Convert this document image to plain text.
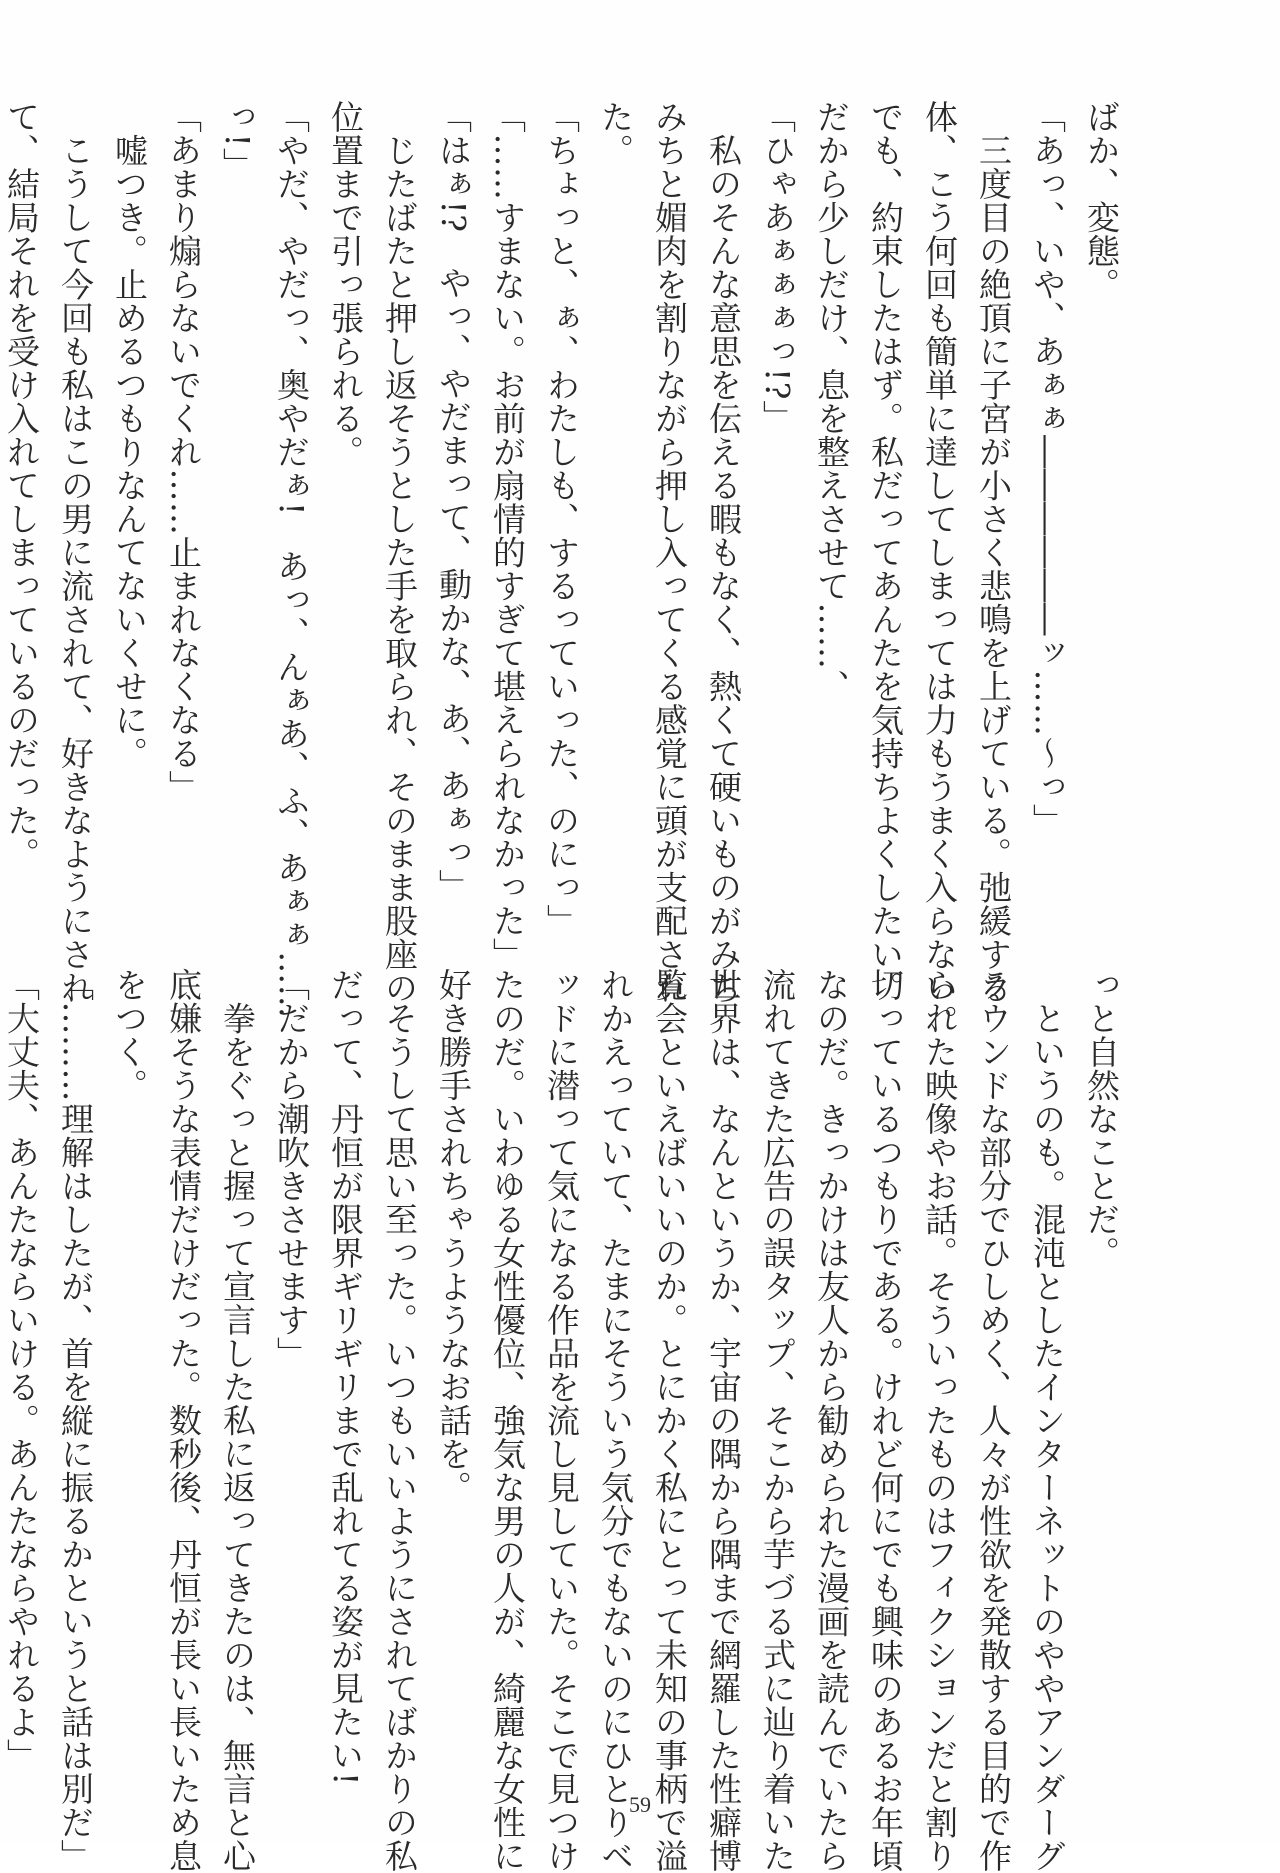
ばか、変態。

「あっ、いや、あぁぁ――――――ッ……〜っ」

　三度目の絶頂に子宮が小さく悲鳴を上げている。弛緩する

体、こう何回も簡単に達してしまっては力もうまく入らない。

でも、約束したはず。私だってあんたを気持ちよくしたい。

だから少しだけ、息を整えさせて……、

「ひゃあぁぁぁっ!?」

　私のそんな意思を伝える暇もなく、熱くて硬いものがみち

みちと媚肉を割りながら押し入ってくる感覚に頭が支配され

た。

「ちょっと、ぁ、わたしも、するっていった、のにっ」

「……すまない。お前が扇情的すぎて堪えられなかった」

「はぁ!?　やっ、やだまって、動かな、あ、あぁっ」

　じたばたと押し返そうとした手を取られ、そのまま股座の

位置まで引っ張られる。

「やだ、やだっ、奥やだぁ!　あっ、んぁあ、ふ、あぁぁ……

っ!」

「あまり煽らないでくれ……止まれなくなる」

　嘘つき。止めるつもりなんてないくせに。

　こうして今回も私はこの男に流されて、好きなようにされ

て、結局それを受け入れてしまっているのだった。

っと自然なことだ。

　というのも。混沌としたインターネットのややアンダーグ

ラウンドな部分でひしめく、人々が性欲を発散する目的で作

られた映像やお話。そういったものはフィクションだと割り

切っているつもりである。けれど何にでも興味のあるお年頃

なのだ。きっかけは友人から勧められた漫画を読んでいたら

流れてきた広告の誤タップ、そこから芋づる式に辿り着いた

世界は、なんというか、宇宙の隅から隅まで網羅した性癖博

覧会といえばいいのか。とにかく私にとって未知の事柄で溢

れかえっていて、たまにそういう気分でもないのにひとりベ

ッドに潜って気になる作品を流し見していた。そこで見つけ

たのだ。いわゆる女性優位、強気な男の人が、綺麗な女性に

好き勝手されちゃうようなお話を。

　そうして思い至った。いつもいいようにされてばかりの私

だって、丹恒が限界ギリギリまで乱れてる姿が見たい!

「だから潮吹きさせます」

　拳をぐっと握って宣言した私に返ってきたのは、無言と心

底嫌そうな表情だけだった。数秒後、丹恒が長い長いため息

をつく。

「………理解はしたが、首を縦に振るかというと話は別だ」

「大丈夫、あんたならいける。あんたならやれるよ」

59
